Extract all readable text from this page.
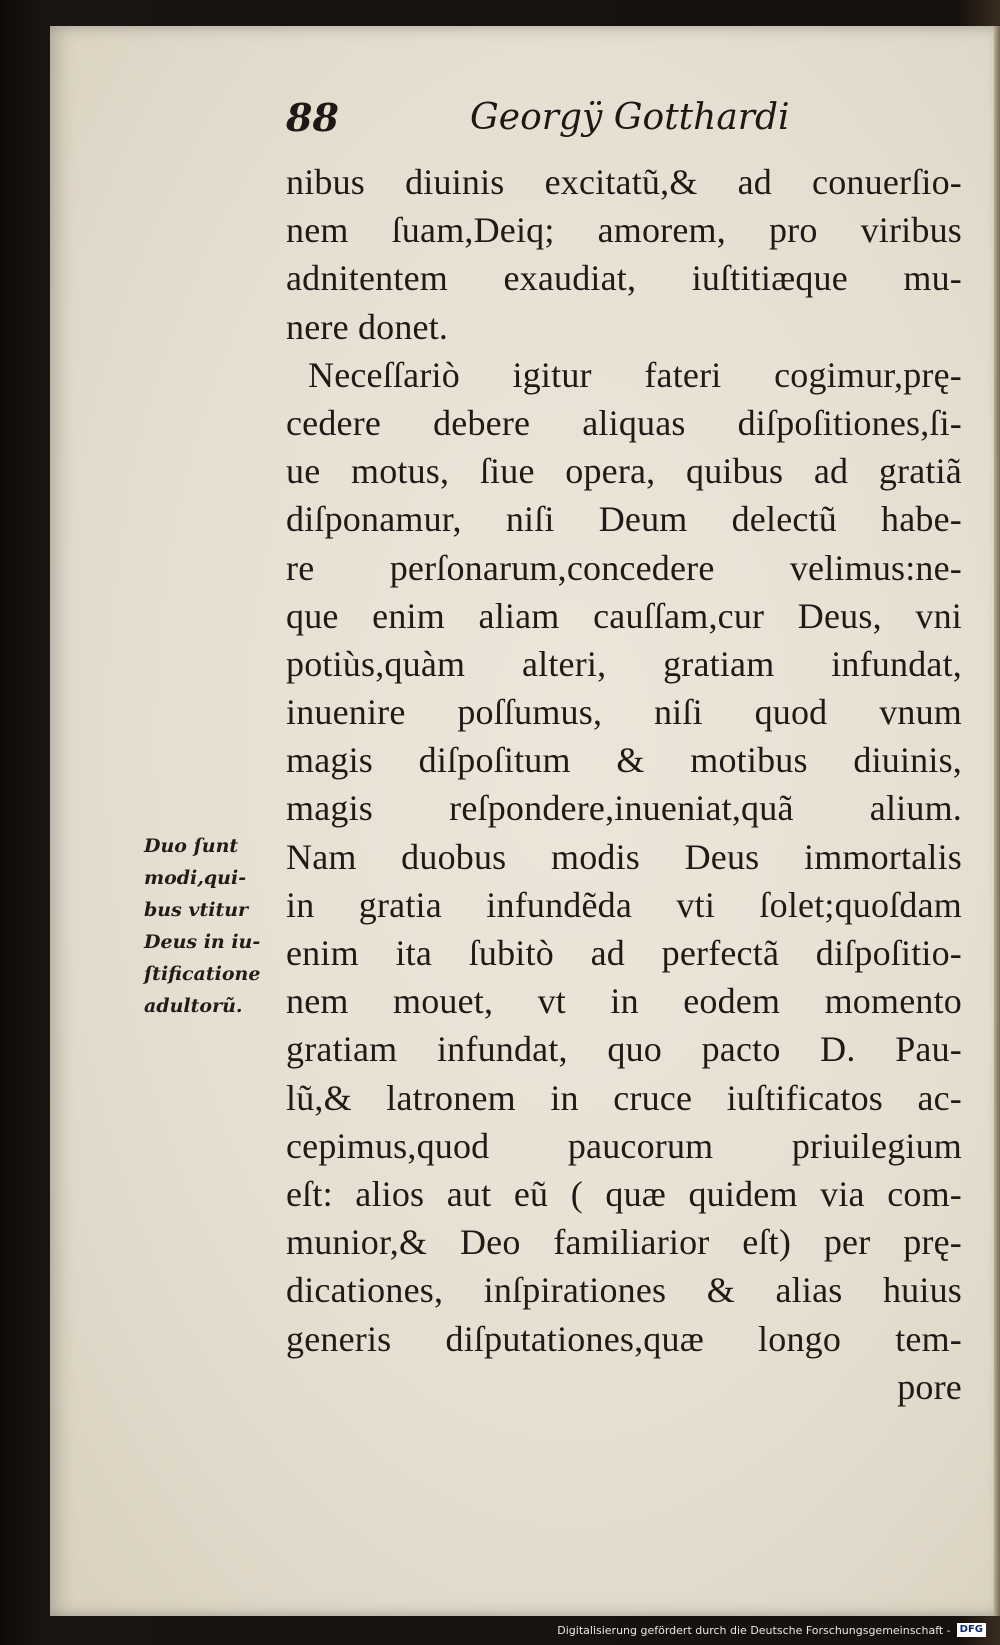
88	Georgÿ Gotthardi
nibus diuinis excitatũ,& ad conuerſio-
nem ſuam,Deiq; amorem, pro viribus
adnitentem exaudiat, iuſtitiæque mu-
nere donet.
Neceſſariò igitur fateri cogimur,prę-
cedere debere aliquas diſpoſitiones,ſi-
ue motus, ſiue opera, quibus ad gratiã
diſponamur, niſi Deum delectũ habe-
re perſonarum,concedere velimus:ne-
que enim aliam cauſſam,cur Deus, vni
potiùs,quàm alteri, gratiam infundat,
inuenire poſſumus, niſi quod vnum
magis diſpoſitum & motibus diuinis,
magis reſpondere,inueniat,quã alium.
Nam duobus modis Deus immortalis
in gratia infundẽda vti ſolet;quoſdam
enim ita ſubitò ad perfectã diſpoſitio-
nem mouet, vt in eodem momento
gratiam infundat, quo pacto D. Pau-
lũ,& latronem in cruce iuſtificatos ac-
cepimus,quod paucorum priuilegium
eſt: alios aut eũ ( quæ quidem via com-
munior,& Deo familiarior eſt) per prę-
dicationes, inſpirationes & alias huius
generis diſputationes,quæ longo tem-
pore
Duo ſunt
modi,qui-
bus vtitur
Deus in iu-
ſtificatione
adultorũ.
Digitalisierung gefördert durch die Deutsche Forschungsgemeinschaft - DFG
